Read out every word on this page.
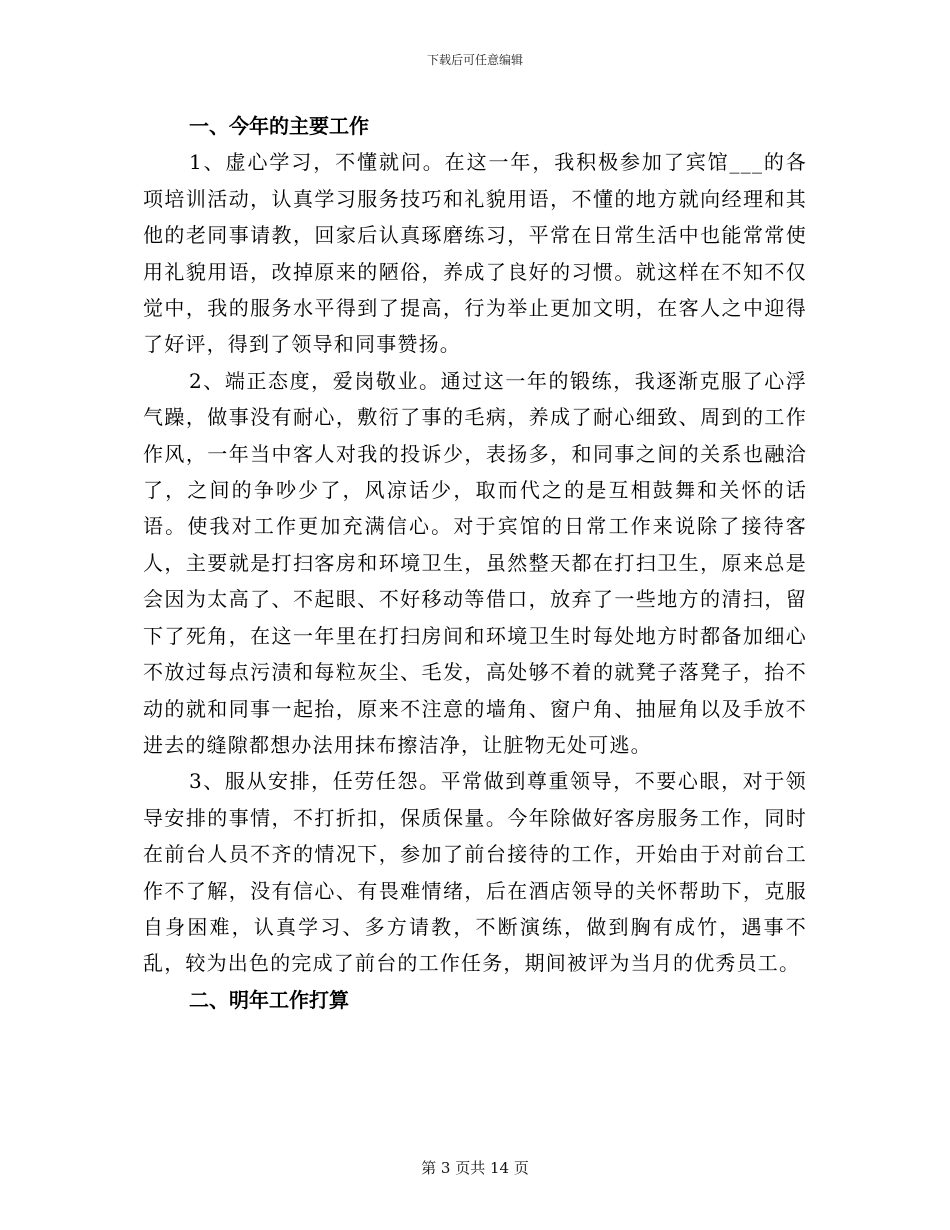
下载后可任意编辑

一、今年的主要工作

1、虚心学习，不懂就问。在这一年，我积极参加了宾馆___的各项培训活动，认真学习服务技巧和礼貌用语，不懂的地方就向经理和其他的老同事请教，回家后认真琢磨练习，平常在日常生活中也能常常使用礼貌用语，改掉原来的陋俗，养成了良好的习惯。就这样在不知不仅觉中，我的服务水平得到了提高，行为举止更加文明，在客人之中迎得了好评，得到了领导和同事赞扬。

2、端正态度，爱岗敬业。通过这一年的锻练，我逐渐克服了心浮气躁，做事没有耐心，敷衍了事的毛病，养成了耐心细致、周到的工作作风，一年当中客人对我的投诉少，表扬多，和同事之间的关系也融洽了，之间的争吵少了，风凉话少，取而代之的是互相鼓舞和关怀的话语。使我对工作更加充满信心。对于宾馆的日常工作来说除了接待客人，主要就是打扫客房和环境卫生，虽然整天都在打扫卫生，原来总是会因为太高了、不起眼、不好移动等借口，放弃了一些地方的清扫，留下了死角，在这一年里在打扫房间和环境卫生时每处地方时都备加细心不放过每点污渍和每粒灰尘、毛发，高处够不着的就凳子落凳子，抬不动的就和同事一起抬，原来不注意的墙角、窗户角、抽屉角以及手放不进去的缝隙都想办法用抹布擦洁净，让脏物无处可逃。

3、服从安排，任劳任怨。平常做到尊重领导，不要心眼，对于领导安排的事情，不打折扣，保质保量。今年除做好客房服务工作，同时在前台人员不齐的情况下，参加了前台接待的工作，开始由于对前台工作不了解，没有信心、有畏难情绪，后在酒店领导的关怀帮助下，克服自身困难，认真学习、多方请教，不断演练，做到胸有成竹，遇事不乱，较为出色的完成了前台的工作任务，期间被评为当月的优秀员工。

二、明年工作打算

第 3 页共 14 页
